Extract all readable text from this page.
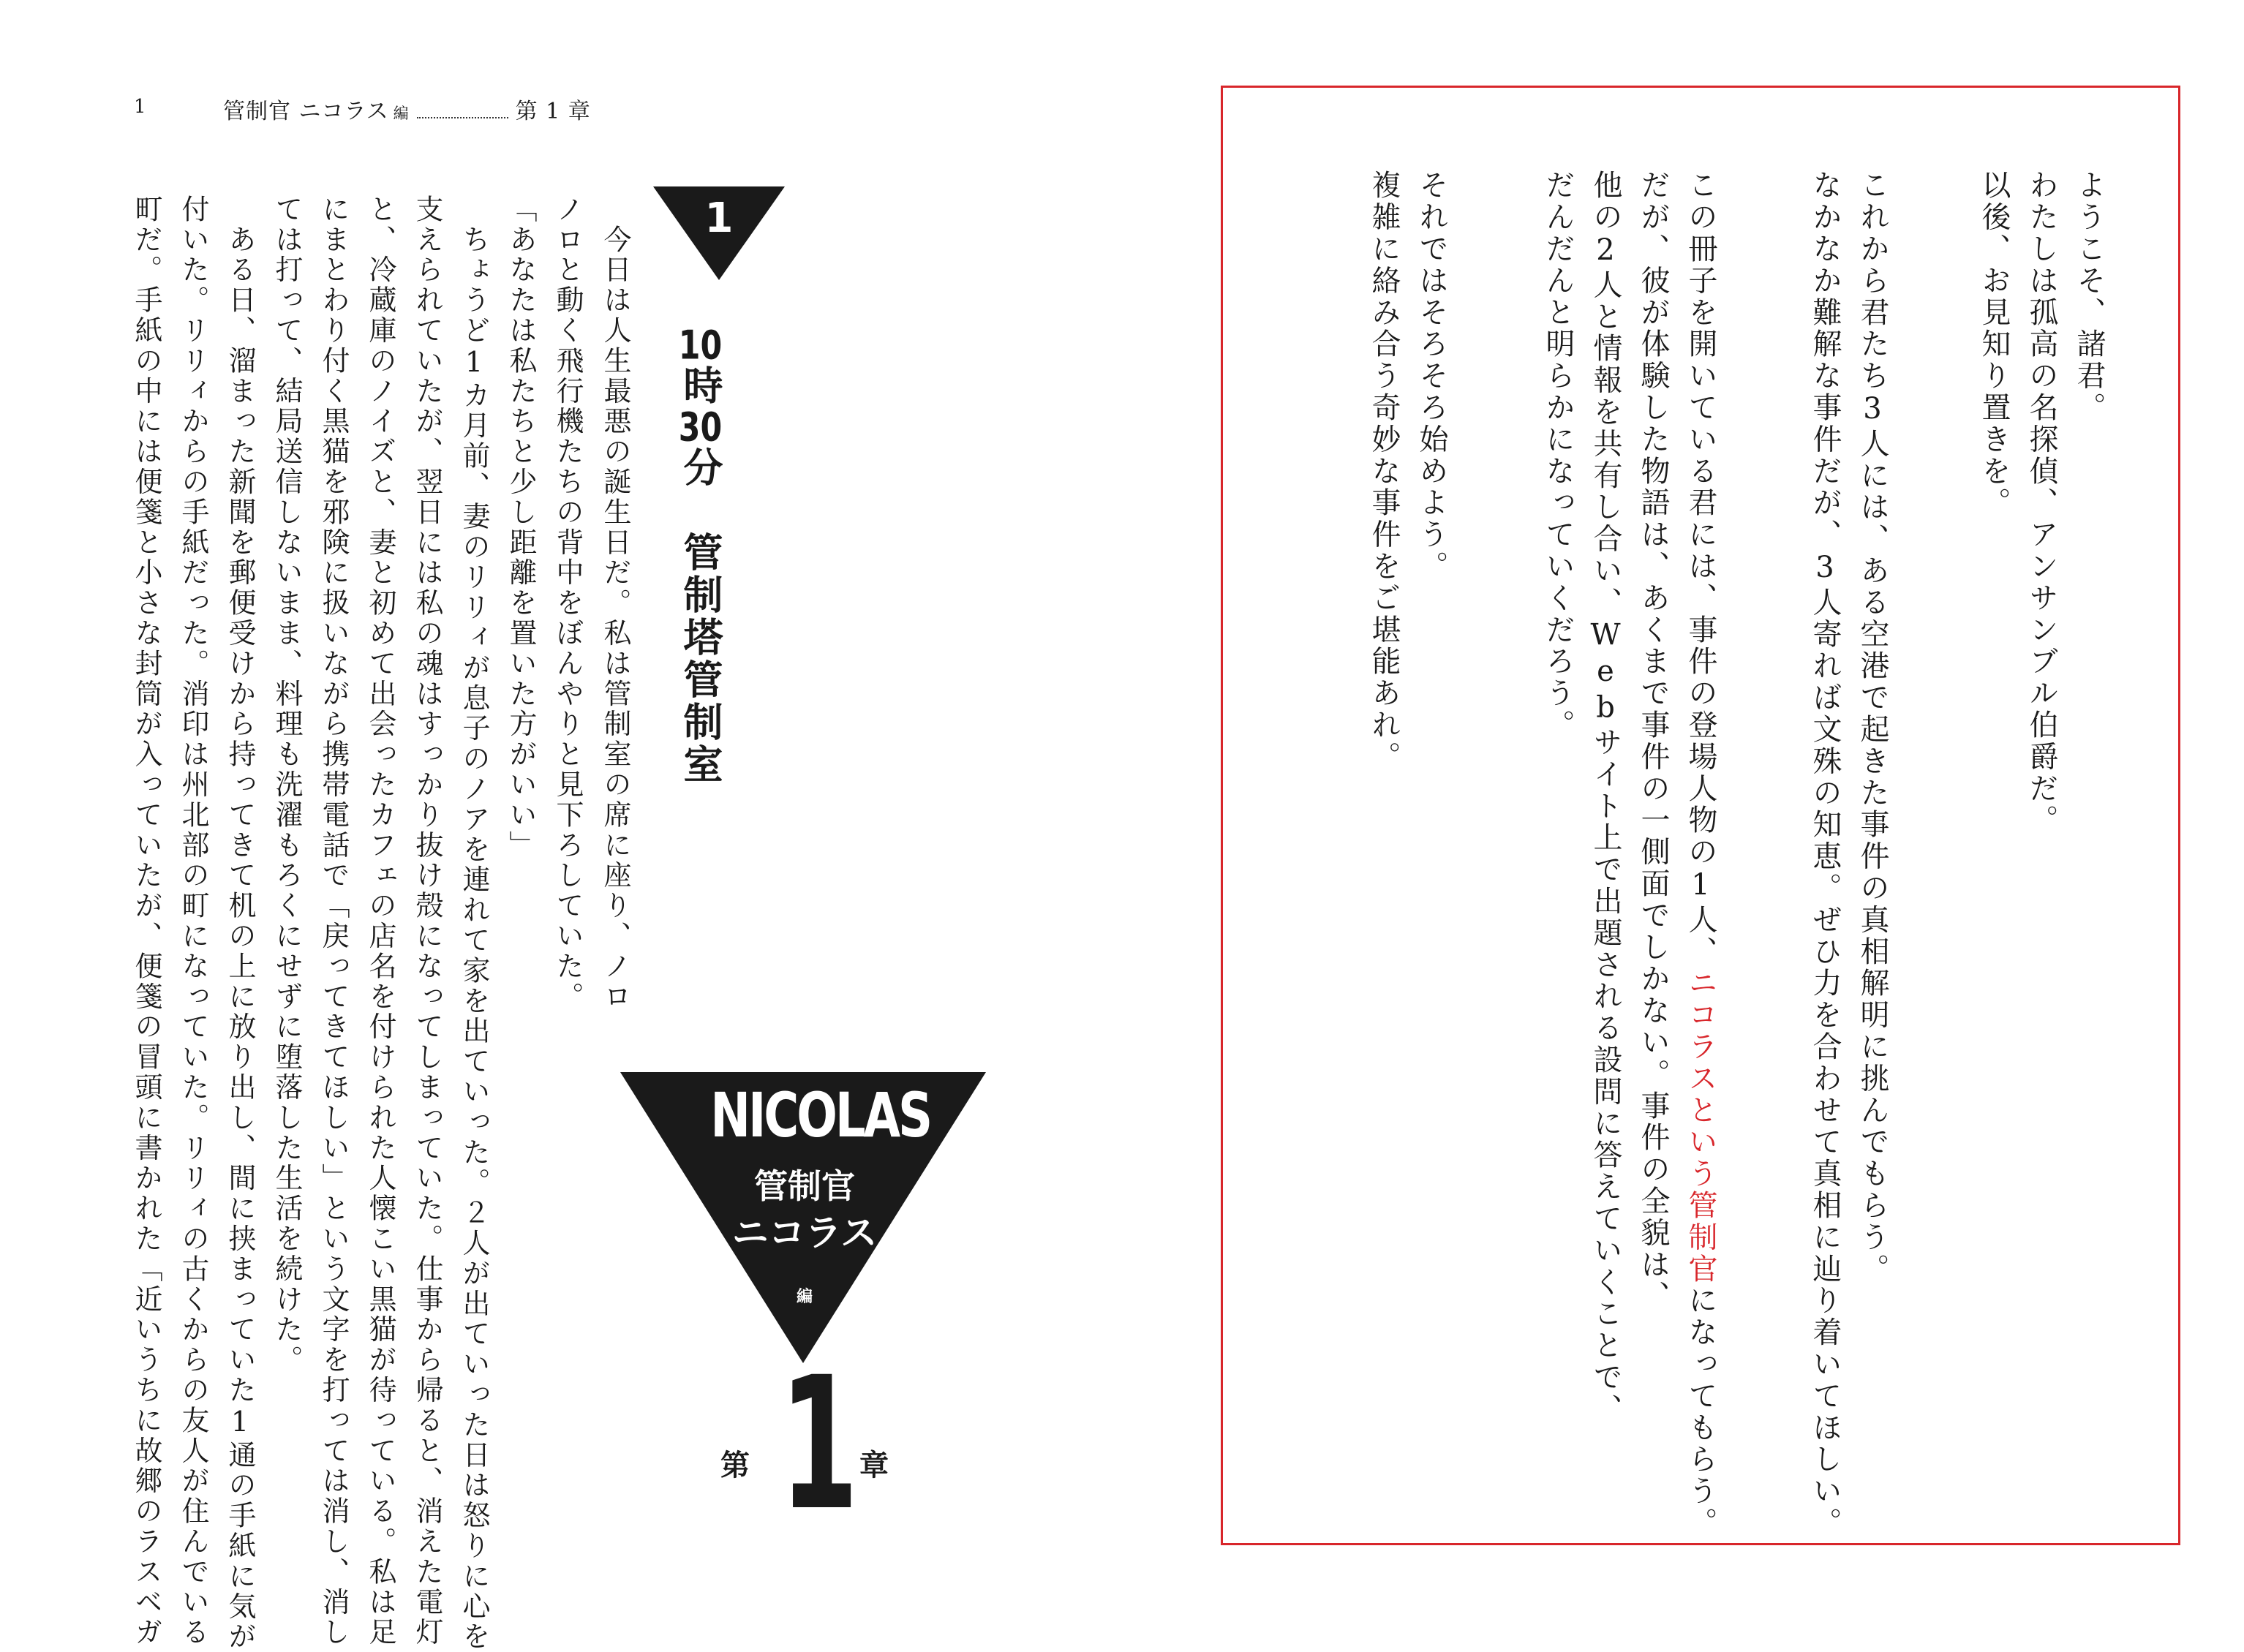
1	管制官 ニコラス 編	第 1 章
1
10時30分　管制塔管制室
NICOLAS
管制官
ニコラス
編
第 1 章
　今日は人生最悪の誕生日だ。私は管制室の席に座り、ノロ
ノロと動く飛行機たちの背中をぼんやりと見下ろしていた。
「あなたは私たちと少し距離を置いた方がいい」
　ちょうど1カ月前、妻のリリィが息子のノアを連れて家を出ていった。２人が出ていった日は怒りに心を
支えられていたが、翌日には私の魂はすっかり抜け殻になってしまっていた。仕事から帰ると、消えた電灯
と、冷蔵庫のノイズと、妻と初めて出会ったカフェの店名を付けられた人懐こい黒猫が待っている。私は足
にまとわり付く黒猫を邪険に扱いながら携帯電話で「戻ってきてほしい」という文字を打っては消し、消し
ては打って、結局送信しないまま、料理も洗濯もろくにせずに堕落した生活を続けた。
　ある日、溜まった新聞を郵便受けから持ってきて机の上に放り出し、間に挟まっていた1通の手紙に気が
付いた。リリィからの手紙だった。消印は州北部の町になっていた。リリィの古くからの友人が住んでいる
町だ。手紙の中には便箋と小さな封筒が入っていたが、便箋の冒頭に書かれた「近いうちに故郷のラスベガ	ようこそ、諸君。
わたしは孤高の名探偵、アンサンブル伯爵だ。
以後、お見知り置きを。
これから君たち3人には、ある空港で起きた事件の真相解明に挑んでもらう。
なかなか難解な事件だが、3人寄れば文殊の知恵。ぜひ力を合わせて真相に辿り着いてほしい。
この冊子を開いている君には、事件の登場人物の1人、ニコラスという管制官になってもらう。
だが、彼が体験した物語は、あくまで事件の一側面でしかない。事件の全貌は、
他の2人と情報を共有し合い、Webサイト上で出題される設問に答えていくことで、
だんだんと明らかになっていくだろう。
それではそろそろ始めよう。
複雑に絡み合う奇妙な事件をご堪能あれ。
